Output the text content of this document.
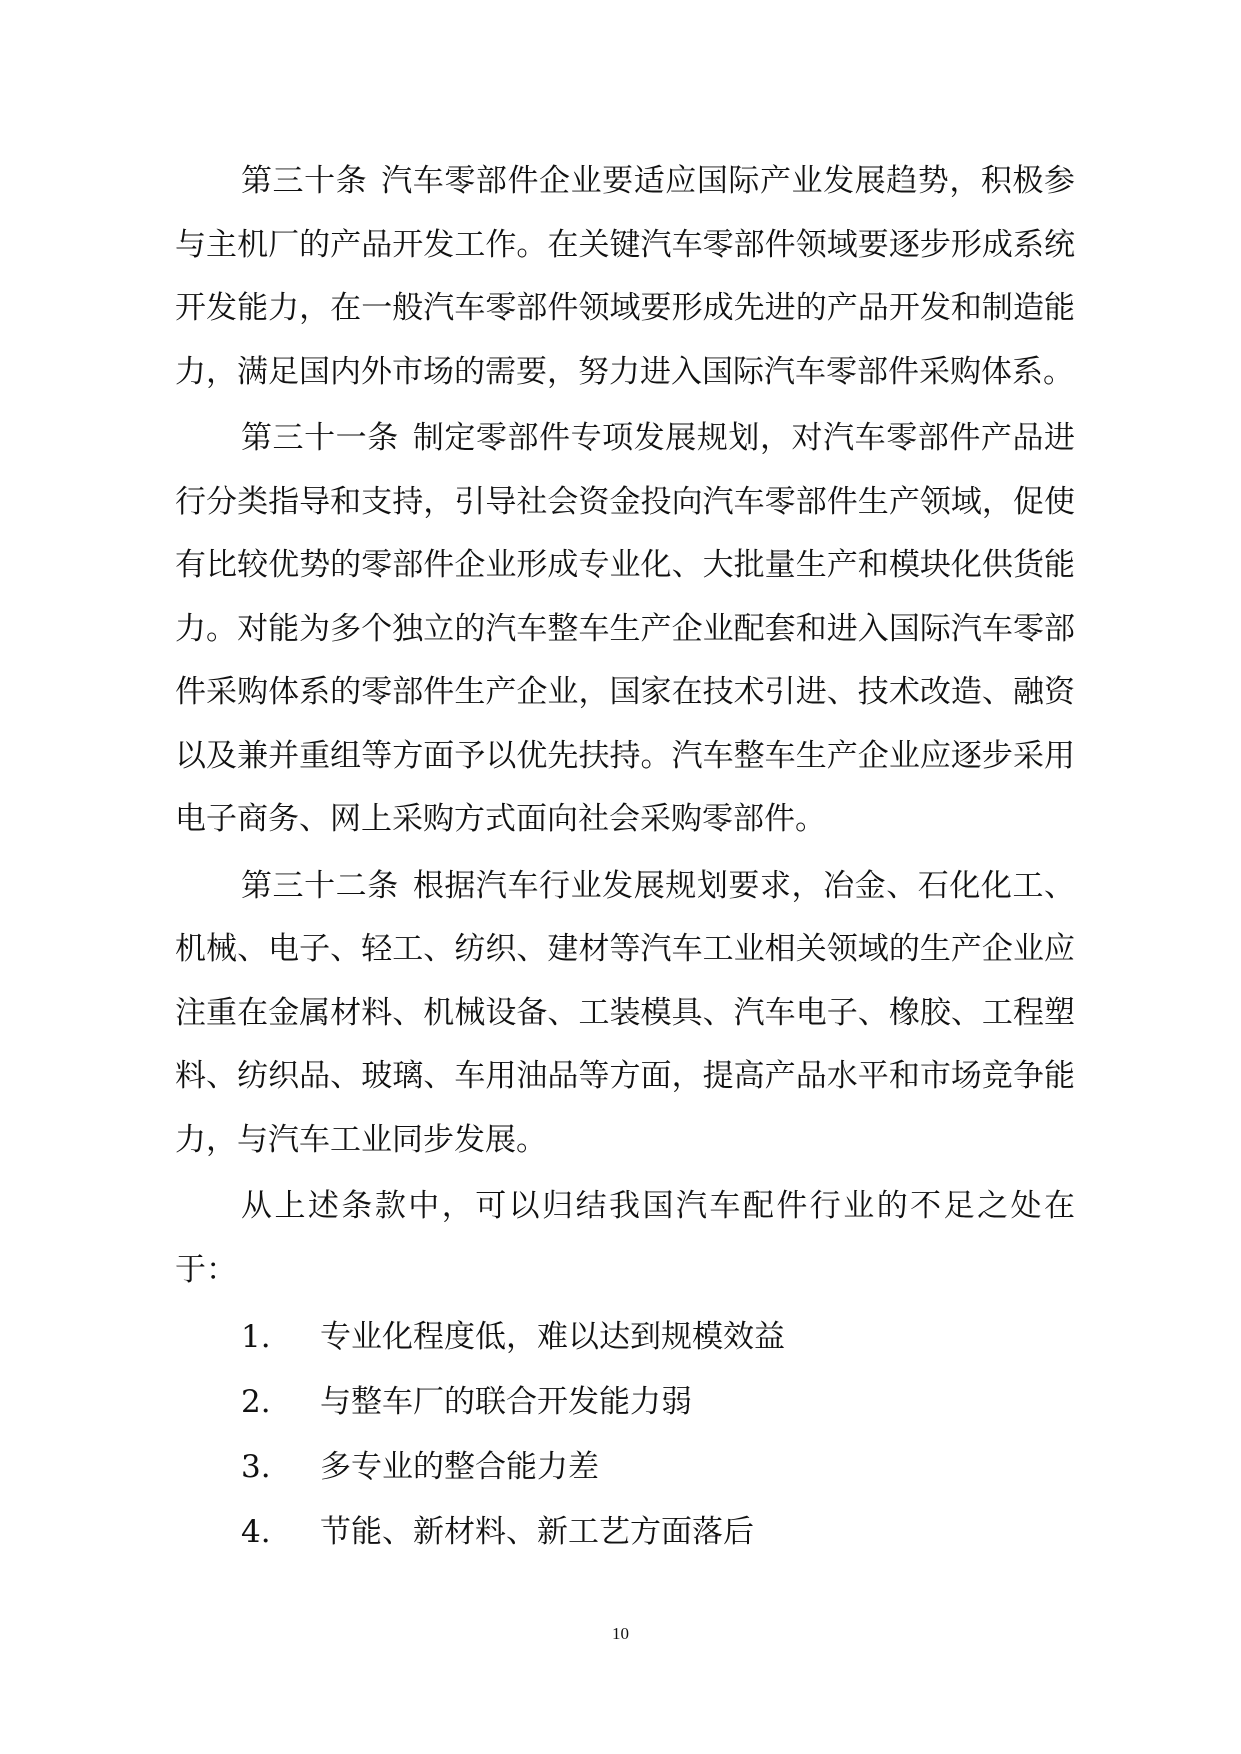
第三十条 汽车零部件企业要适应国际产业发展趋势，积极参与主机厂的产品开发工作。在关键汽车零部件领域要逐步形成系统开发能力，在一般汽车零部件领域要形成先进的产品开发和制造能力，满足国内外市场的需要，努力进入国际汽车零部件采购体系。

第三十一条 制定零部件专项发展规划，对汽车零部件产品进行分类指导和支持，引导社会资金投向汽车零部件生产领域，促使有比较优势的零部件企业形成专业化、大批量生产和模块化供货能力。对能为多个独立的汽车整车生产企业配套和进入国际汽车零部件采购体系的零部件生产企业，国家在技术引进、技术改造、融资以及兼并重组等方面予以优先扶持。汽车整车生产企业应逐步采用电子商务、网上采购方式面向社会采购零部件。

第三十二条 根据汽车行业发展规划要求，冶金、石化化工、机械、电子、轻工、纺织、建材等汽车工业相关领域的生产企业应注重在金属材料、机械设备、工装模具、汽车电子、橡胶、工程塑料、纺织品、玻璃、车用油品等方面，提高产品水平和市场竞争能力，与汽车工业同步发展。

从上述条款中，可以归结我国汽车配件行业的不足之处在于：

1. 专业化程度低，难以达到规模效益

2. 与整车厂的联合开发能力弱

3. 多专业的整合能力差

4. 节能、新材料、新工艺方面落后

10
